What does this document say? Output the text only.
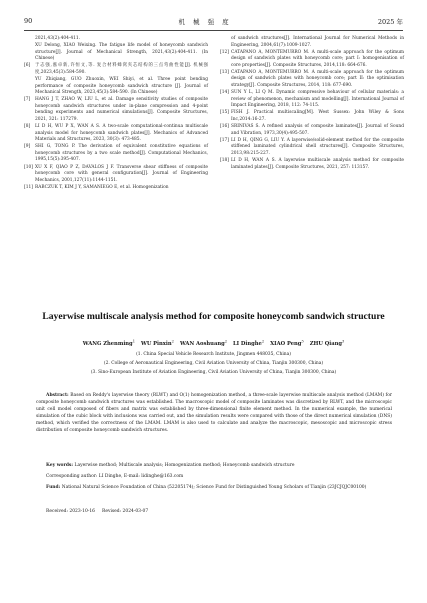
90	机 械 强 度	2025 年
2021,43(2):404-411.
XU Delong, XIAO Weixing. The fatigue life model of honeycomb sandwich structure[J]. Journal of Mechanical Strength, 2021,43(2):404-411. (In Chinese)
[6]	于志强,涨卓新,许恒文,等. 复合材料蜂窝夹芯结构的三点弯曲性能[J]. 机械强度,2023,45(3):584-590.
YU Zhiqiang, GUO Zhuoxin, WEI Shiyi, et al. Three point bending performance of composite honeycomb sandwich structure [J]. Journal of Mechanical Strength, 2023,45(3):584-590. (In Chinese)
[7]	HANG J T, ZHAO W, LIU L, et al. Damage sensitivity studies of composite honeycomb sandwich structures under in-plane compression and 4-point bending experiments and numerical simulations[J]. Composite Structures, 2021, 321: 117279.
[8]	LI D H, WU P X, WAN A S. A two-scale computational-continua multiscale analysis model for honeycomb sandwich plates[J]. Mechanics of Advanced Materials and Structures, 2023, 30(3): 473-485.
[9]	SHI G, TONG P. The derivation of equivalent constitutive equations of honeycomb structures by a two scale method[J]. Computational Mechanics, 1995,15(5):395-407.
[10] XU X F, QIAO P Z, DAVALOS J F. Transverse shear stiffness of composite honeycomb core with general configuration[J]. Journal of Engineering Mechanics, 2001,127(11):1144-1151.
[11] RABCZUK T, KIM J Y, SAMANIEGO E, et al. Homogenization
of sandwich structures[J]. International Journal for Numerical Methods in Engineering, 2004,61(7):1009-1027.
[12] CATAPANO A, MONTEMURRO M. A multi-scale approach for the optimum design of sandwich plates with honeycomb core; part I: homogenisation of core properties[J]. Composite Structures, 2014,118: 664-676.
[13] CATAPANO A, MONTEMURRO M. A multi-scale approach for the optimum design of sandwich plates with honeycomb core; part II: the optimisation strategy[J]. Composite Structures, 2014, 118: 677-690.
[14] SUN Y L, LI Q M. Dynamic compressive behaviour of cellular materials: a review of phenomenon, mechanism and modelling[J]. International Journal of Impact Engineering, 2018, 112: 74-115.
[15] FISH J. Practical multiscaling[M]. West Sussex: John Wiley & Sons Inc,2014:16-27.
[16] SRINIVAS S. A refined analysis of composite laminates[J]. Journal of Sound and Vibration, 1973,30(4):495-507.
[17] LI D H, QING G, LIU Y. A layerwise/solid-element method for the composite stiffened laminated cylindrical shell structures[J]. Composite Structures, 2013,98:215-227.
[18] LI D H, WAN A S. A layerwise multiscale analysis method for composite laminated plates[J]. Composite Structures, 2021, 257: 113157.
Layerwise multiscale analysis method for composite honeycomb sandwich structure
WANG Zhenming$^1$ WU Pinxin$^2$ WAN Aoshuang$^2$ LI Dinghe$^2$ XIAO Peng$^3$ ZHU Qiang$^3$
(1. China Special Vehicle Research Institute, Jingmen 448035, China)
(2. College of Aeronautical Engineering, Civil Aviation University of China, Tianjin 300300, China)
(3. Sino-European Institute of Aviation Engineering, Civil Aviation University of China, Tianjin 300300, China)
Abstract: Based on Reddy's layerwise theory (RLWT) and O(1) homogenization method, a three-scale layerwise multiscale analysis method (LMAM) for composite honeycomb sandwich structures was established. The macroscopic model of composite laminates was discretized by RLWT, and the microscopic unit cell model composed of fibers and matrix was established by three-dimensional finite element method. In the numerical example, the numerical simulation of the cubic block with inclusions was carried out, and the simulation results were compared with those of the direct numerical simulation (DNS) method, which verified the correctness of the LMAM. LMAM is also used to calculate and analyze the macroscopic, mesoscopic and microscopic stress distribution of composite honeycomb sandwich structures.
Key words: Layerwise method; Multiscale analysis; Homogenization method; Honeycomb sandwich structure
Corresponding author: LI Dinghe, E-mail: lidinghe@163.com
Fund: National Natural Science Foundation of China (52205174); Science Fund for Distinguished Young Scholars of Tianjin (23JCJQJC00100)
Received: 2023-10-16     Revised: 2024-03-07
